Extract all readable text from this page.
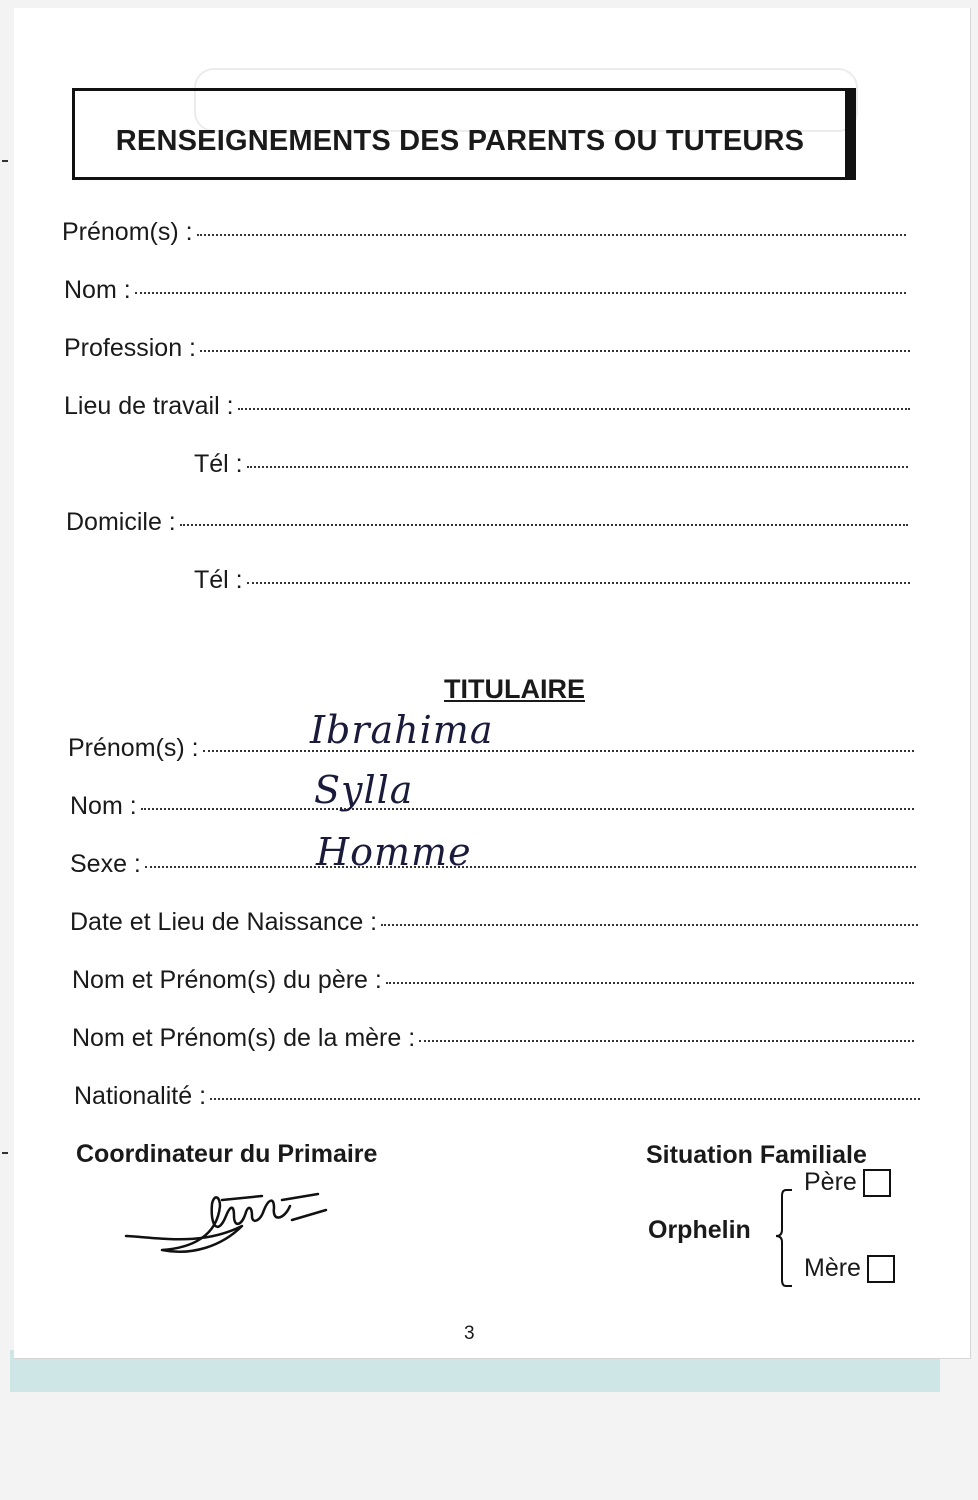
RENSEIGNEMENTS DES PARENTS OU TUTEURS
Prénom(s) :
Nom :
Profession :
Lieu de travail :
Tél :
Domicile :
Tél :
TITULAIRE
Prénom(s) :	Ibrahima
Nom :	Sylla
Sexe :	Homme
Date et Lieu de Naissance :
Nom et Prénom(s) du père :
Nom et Prénom(s) de la mère :
Nationalité :
Coordinateur du Primaire	Situation Familiale
Orphelin
Père
Mère
3
